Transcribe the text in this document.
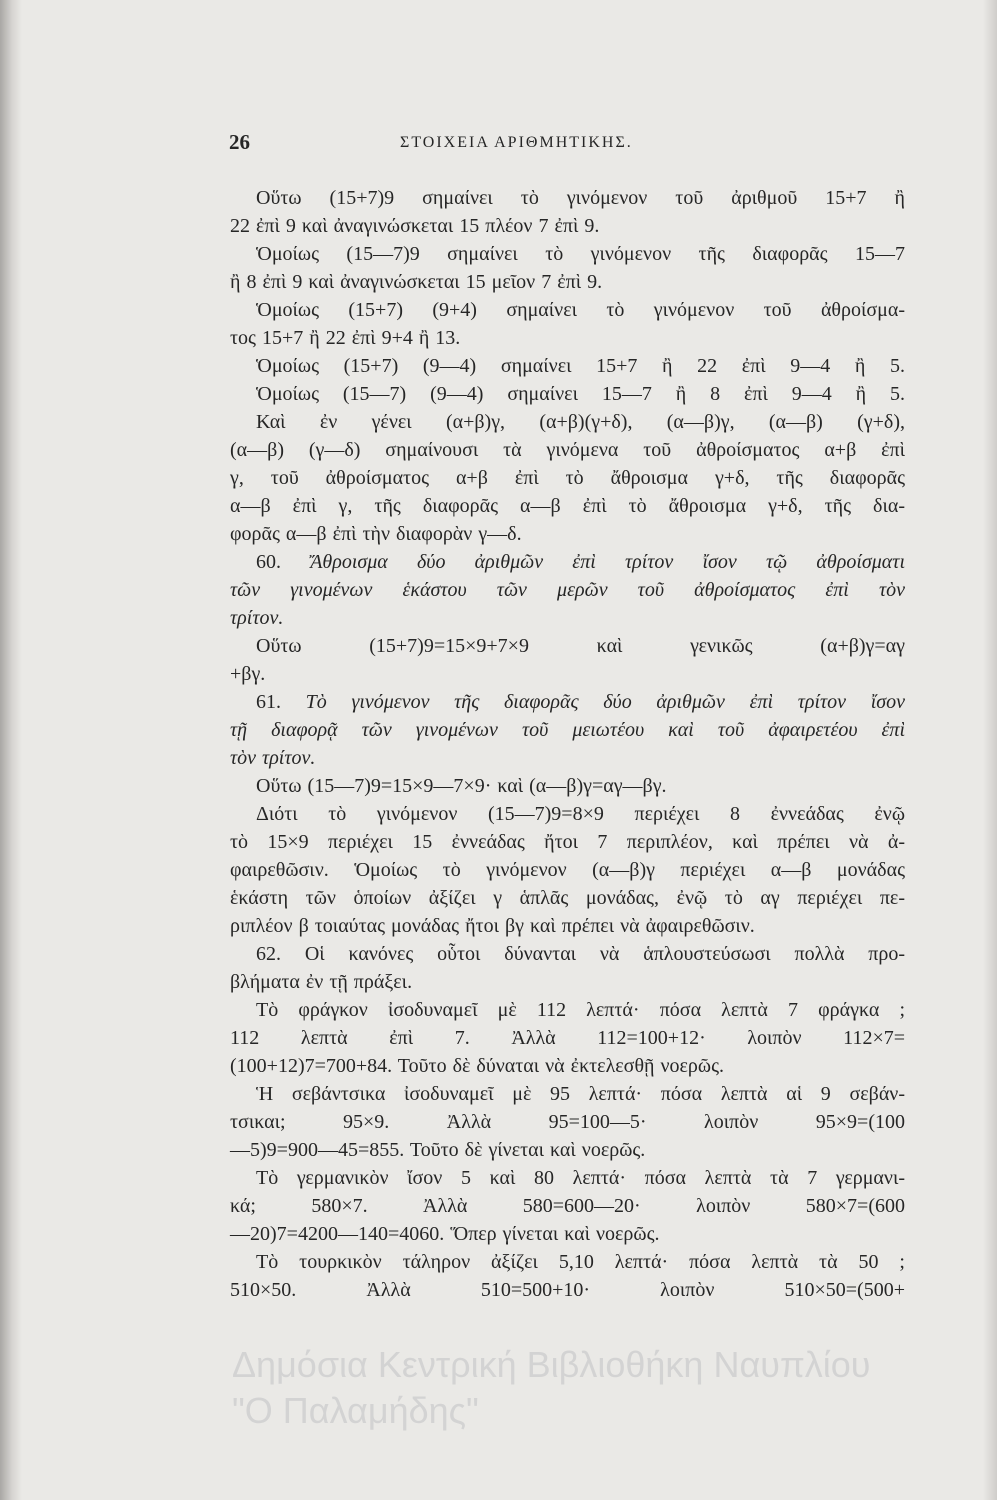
26	ΣΤΟΙΧΕΙΑ ΑΡΙΘΜΗΤΙΚΗΣ.
Οὕτω (15+7)9 σημαίνει τὸ γινόμενον τοῦ ἀριθμοῦ 15+7 ἢ
22 ἐπὶ 9 καὶ ἀναγινώσκεται 15 πλέον 7 ἐπὶ 9.
Ὁμοίως (15—7)9 σημαίνει τὸ γινόμενον τῆς διαφορᾶς 15—7
ἢ 8 ἐπὶ 9 καὶ ἀναγινώσκεται 15 μεῖον 7 ἐπὶ 9.
Ὁμοίως (15+7) (9+4) σημαίνει τὸ γινόμενον τοῦ ἀθροίσμα-
τος 15+7 ἢ 22 ἐπὶ 9+4 ἢ 13.
Ὁμοίως (15+7) (9—4) σημαίνει 15+7 ἢ 22 ἐπὶ 9—4 ἢ 5.
Ὁμοίως (15—7) (9—4) σημαίνει 15—7 ἢ 8 ἐπὶ 9—4 ἢ 5.
Καὶ ἐν γένει (α+β)γ, (α+β)(γ+δ), (α—β)γ, (α—β) (γ+δ),
(α—β) (γ—δ) σημαίνουσι τὰ γινόμενα τοῦ ἀθροίσματος α+β ἐπὶ
γ, τοῦ ἀθροίσματος α+β ἐπὶ τὸ ἄθροισμα γ+δ, τῆς διαφορᾶς
α—β ἐπὶ γ, τῆς διαφορᾶς α—β ἐπὶ τὸ ἄθροισμα γ+δ, τῆς δια-
φορᾶς α—β ἐπὶ τὴν διαφορὰν γ—δ.
60. Ἄθροισμα δύο ἀριθμῶν ἐπὶ τρίτον ἴσον τῷ ἀθροίσματι
τῶν γινομένων ἑκάστου τῶν μερῶν τοῦ ἀθροίσματος ἐπὶ τὸν
τρίτον.
Οὕτω (15+7)9=15×9+7×9 καὶ γενικῶς (α+β)γ=αγ
+βγ.
61. Τὸ γινόμενον τῆς διαφορᾶς δύο ἀριθμῶν ἐπὶ τρίτον ἴσον
τῇ διαφορᾷ τῶν γινομένων τοῦ μειωτέου καὶ τοῦ ἀφαιρετέου ἐπὶ
τὸν τρίτον.
Οὕτω (15—7)9=15×9—7×9· καὶ (α—β)γ=αγ—βγ.
Διότι τὸ γινόμενον (15—7)9=8×9 περιέχει 8 ἐννεάδας ἐνῷ
τὸ 15×9 περιέχει 15 ἐννεάδας ἤτοι 7 περιπλέον, καὶ πρέπει νὰ ἀ-
φαιρεθῶσιν. Ὁμοίως τὸ γινόμενον (α—β)γ περιέχει α—β μονάδας
ἑκάστη τῶν ὁποίων ἀξίζει γ ἁπλᾶς μονάδας, ἐνῷ τὸ αγ περιέχει πε-
ριπλέον β τοιαύτας μονάδας ἤτοι βγ καὶ πρέπει νὰ ἀφαιρεθῶσιν.
62. Οἱ κανόνες οὗτοι δύνανται νὰ ἁπλουστεύσωσι πολλὰ προ-
βλήματα ἐν τῇ πράξει.
Τὸ φράγκον ἰσοδυναμεῖ μὲ 112 λεπτά· πόσα λεπτὰ 7 φράγκα ;
112 λεπτὰ ἐπὶ 7. Ἀλλὰ 112=100+12· λοιπὸν 112×7=
(100+12)7=700+84. Τοῦτο δὲ δύναται νὰ ἐκτελεσθῇ νοερῶς.
Ἡ σεβάντσικα ἰσοδυναμεῖ μὲ 95 λεπτά· πόσα λεπτὰ αἱ 9 σεβάν-
τσικαι; 95×9. Ἀλλὰ 95=100—5· λοιπὸν 95×9=(100
—5)9=900—45=855. Τοῦτο δὲ γίνεται καὶ νοερῶς.
Τὸ γερμανικὸν ἴσον 5 καὶ 80 λεπτά· πόσα λεπτὰ τὰ 7 γερμανι-
κά; 580×7. Ἀλλὰ 580=600—20· λοιπὸν 580×7=(600
—20)7=4200—140=4060. Ὅπερ γίνεται καὶ νοερῶς.
Τὸ τουρκικὸν τάληρον ἀξίζει 5,10 λεπτά· πόσα λεπτὰ τὰ 50 ;
510×50. Ἀλλὰ 510=500+10· λοιπὸν 510×50=(500+
Δημόσια Κεντρική Βιβλιοθήκη Ναυπλίου
"Ο Παλαμήδης"
